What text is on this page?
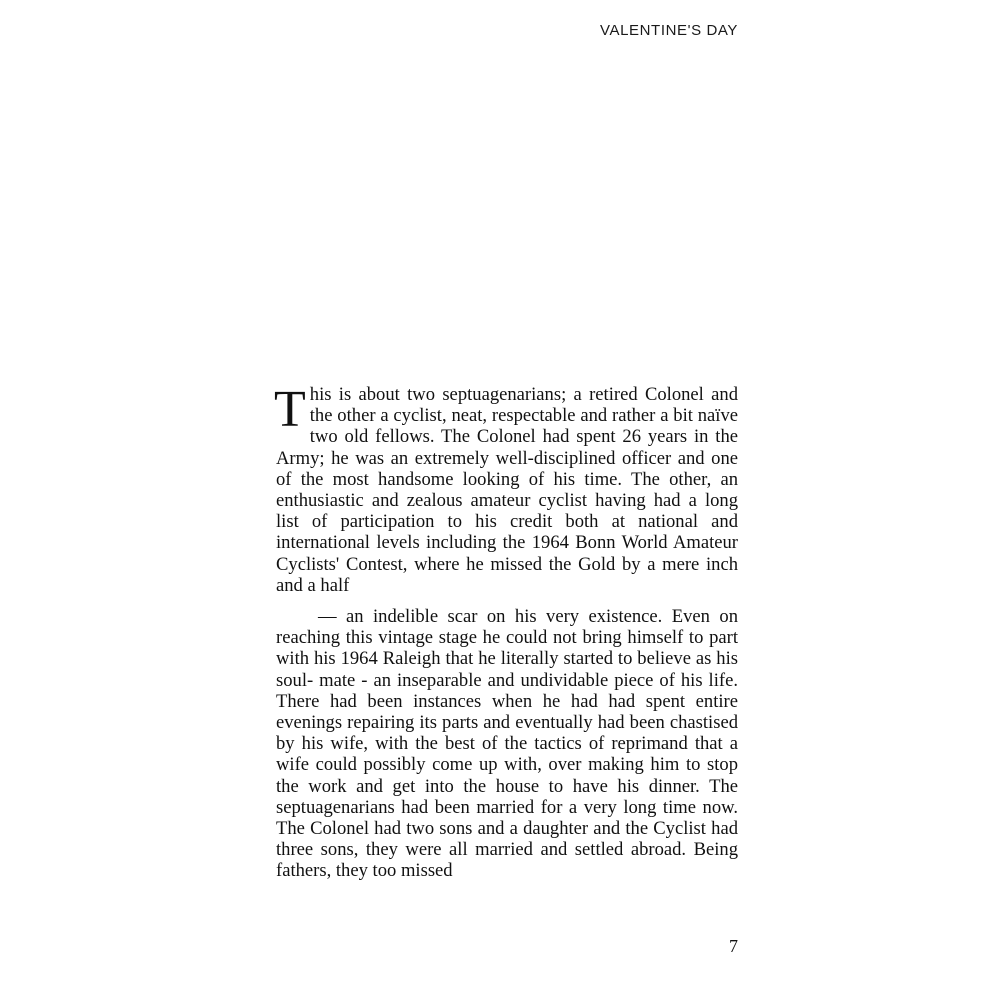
VALENTINE'S DAY

This is about two septuagenarians; a retired Colonel and the other a cyclist, neat, respectable and rather a bit naïve two old fellows. The Colonel had spent 26 years in the Army; he was an extremely well-disciplined officer and one of the most handsome looking of his time. The other, an enthusiastic and zealous amateur cyclist having had a long list of participation to his credit both at national and international levels including the 1964 Bonn World Amateur Cyclists' Contest, where he missed the Gold by a mere inch and a half

— an indelible scar on his very existence. Even on reaching this vintage stage he could not bring himself to part with his 1964 Raleigh that he literally started to believe as his soul- mate - an inseparable and undividable piece of his life. There had been instances when he had had spent entire evenings repairing its parts and eventually had been chastised by his wife, with the best of the tactics of reprimand that a wife could possibly come up with, over making him to stop the work and get into the house to have his dinner. The septuagenarians had been married for a very long time now. The Colonel had two sons and a daughter and the Cyclist had three sons, they were all married and settled abroad. Being fathers, they too missed

7
